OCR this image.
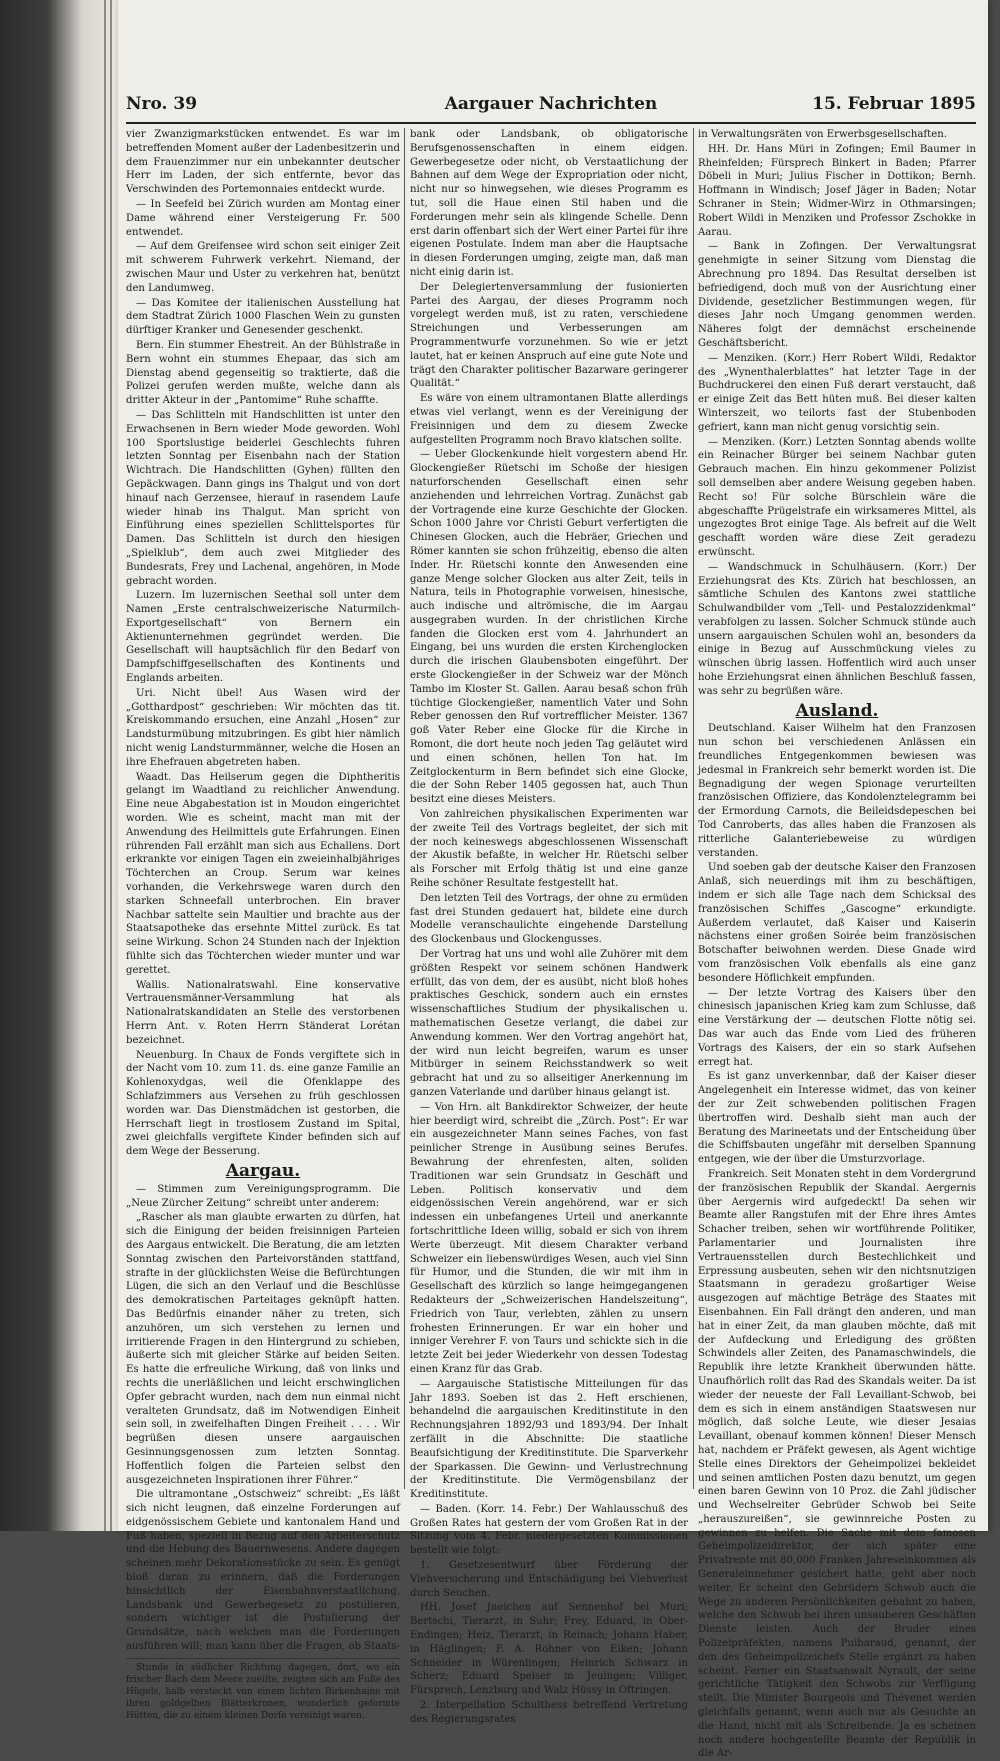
Nro. 39	Aargauer Nachrichten	15. Februar 1895

vier Zwanzigmarkstücken entwendet. Es war im betreffenden Moment außer der Ladenbesitzerin und dem Frauenzimmer nur ein unbekannter deutscher Herr im Laden, der sich entfernte, bevor das Verschwinden des Portemonnaies entdeckt wurde.

— In Seefeld bei Zürich wurden am Montag einer Dame während einer Versteigerung Fr. 500 entwendet.

— Auf dem Greifensee wird schon seit einiger Zeit mit schwerem Fuhrwerk verkehrt. Niemand, der zwischen Maur und Uster zu verkehren hat, benützt den Landumweg.

— Das Komitee der italienischen Ausstellung hat dem Stadtrat Zürich 1000 Flaschen Wein zu gunsten dürftiger Kranker und Genesender geschenkt.

Bern. Ein stummer Ehestreit. An der Bühlstraße in Bern wohnt ein stummes Ehepaar, das sich am Dienstag abend gegenseitig so traktierte, daß die Polizei gerufen werden mußte, welche dann als dritter Akteur in der „Pantomime“ Ruhe schaffte.

— Das Schlitteln mit Handschlitten ist unter den Erwachsenen in Bern wieder Mode geworden. Wohl 100 Sportslustige beiderlei Geschlechts fuhren letzten Sonntag per Eisenbahn nach der Station Wichtrach. Die Handschlitten (Gyhen) füllten den Gepäckwagen. Dann gings ins Thalgut und von dort hinauf nach Gerzensee, hierauf in rasendem Laufe wieder hinab ins Thalgut. Man spricht von Einführung eines speziellen Schlittelsportes für Damen. Das Schlitteln ist durch den hiesigen „Spielklub“, dem auch zwei Mitglieder des Bundesrats, Frey und Lachenal, angehören, in Mode gebracht worden.

Luzern. Im luzernischen Seethal soll unter dem Namen „Erste centralschweizerische Naturmilch-Exportgesellschaft“ von Bernern ein Aktienunternehmen gegründet werden. Die Gesellschaft will hauptsächlich für den Bedarf von Dampfschiffgesellschaften des Kontinents und Englands arbeiten.

Uri. Nicht übel! Aus Wasen wird der „Gotthardpost“ geschrieben: Wir möchten das tit. Kreiskommando ersuchen, eine Anzahl „Hosen“ zur Landsturmübung mitzubringen. Es gibt hier nämlich nicht wenig Landsturmmänner, welche die Hosen an ihre Ehefrauen abgetreten haben.

Waadt. Das Heilserum gegen die Diphtheritis gelangt im Waadtland zu reichlicher Anwendung. Eine neue Abgabestation ist in Moudon eingerichtet worden. Wie es scheint, macht man mit der Anwendung des Heilmittels gute Erfahrungen. Einen rührenden Fall erzählt man sich aus Echallens. Dort erkrankte vor einigen Tagen ein zweieinhalbjähriges Töchterchen an Croup. Serum war keines vorhanden, die Verkehrswege waren durch den starken Schneefall unterbrochen. Ein braver Nachbar sattelte sein Maultier und brachte aus der Staatsapotheke das ersehnte Mittel zurück. Es tat seine Wirkung. Schon 24 Stunden nach der Injektion fühlte sich das Töchterchen wieder munter und war gerettet.

Wallis. Nationalratswahl. Eine konservative Vertrauensmänner-Versammlung hat als Nationalratskandidaten an Stelle des verstorbenen Herrn Ant. v. Roten Herrn Ständerat Lorétan bezeichnet.

Neuenburg. In Chaux de Fonds vergiftete sich in der Nacht vom 10. zum 11. ds. eine ganze Familie an Kohlenoxydgas, weil die Ofenklappe des Schlafzimmers aus Versehen zu früh geschlossen worden war. Das Dienstmädchen ist gestorben, die Herrschaft liegt in trostlosem Zustand im Spital, zwei gleichfalls vergiftete Kinder befinden sich auf dem Wege der Besserung.

Aargau.

— Stimmen zum Vereinigungsprogramm. Die „Neue Zürcher Zeitung“ schreibt unter anderem:

„Rascher als man glaubte erwarten zu dürfen, hat sich die Einigung der beiden freisinnigen Parteien des Aargaus entwickelt. Die Beratung, die am letzten Sonntag zwischen den Parteivorständen stattfand, strafte in der glücklichsten Weise die Befürchtungen Lügen, die sich an den Verlauf und die Beschlüsse des demokratischen Parteitages geknüpft hatten. Das Bedürfnis einander näher zu treten, sich anzuhören, um sich verstehen zu lernen und irritierende Fragen in den Hintergrund zu schieben, äußerte sich mit gleicher Stärke auf beiden Seiten. Es hatte die erfreuliche Wirkung, daß von links und rechts die unerläßlichen und leicht erschwinglichen Opfer gebracht wurden, nach dem nun einmal nicht veralteten Grundsatz, daß im Notwendigen Einheit sein soll, in zweifelhaften Dingen Freiheit . . . . Wir begrüßen diesen unsere aargauischen Gesinnungsgenossen zum letzten Sonntag. Hoffentlich folgen die Parteien selbst den ausgezeichneten Inspirationen ihrer Führer.“

Die ultramontane „Ostschweiz“ schreibt: „Es läßt sich nicht leugnen, daß einzelne Forderungen auf eidgenössischem Gebiete und kantonalem Hand und Fuß haben, speziell in Bezug auf den Arbeiterschutz und die Hebung des Bauernwesens. Andere dagegen scheinen mehr Dekorationsstücke zu sein. Es genügt bloß daran zu erinnern, daß die Forderungen hinsichtlich der Eisenbahnverstaatlichung, Landsbank und Gewerbegesetz zu postulieren, sondern wichtiger ist die Postulierung der Grundsätze, nach welchen man die Forderungen ausführen will; man kann über die Fragen, ob Staats-

Stunde in südlicher Richtung dagegen, dort, wo ein frischer Bach dem Meere zueilte, zeigten sich am Fuße des Hügels, halb versteckt von einem lichten Birkenhaine mit ihren goldgelben Blätterkronen, wunderlich geformte Hütten, die zu einem kleinen Dorfe vereinigt waren.

bank oder Landsbank, ob obligatorische Berufsgenossenschaften in einem eidgen. Gewerbegesetze oder nicht, ob Verstaatlichung der Bahnen auf dem Wege der Expropriation oder nicht, nicht nur so hinwegsehen, wie dieses Programm es tut, soll die Haue einen Stil haben und die Forderungen mehr sein als klingende Schelle. Denn erst darin offenbart sich der Wert einer Partei für ihre eigenen Postulate. Indem man aber die Hauptsache in diesen Forderungen umging, zeigte man, daß man nicht einig darin ist.

Der Delegiertenversammlung der fusionierten Partei des Aargau, der dieses Programm noch vorgelegt werden muß, ist zu raten, verschiedene Streichungen und Verbesserungen am Programmentwurfe vorzunehmen. So wie er jetzt lautet, hat er keinen Anspruch auf eine gute Note und trägt den Charakter politischer Bazarware geringerer Qualität.“

Es wäre von einem ultramontanen Blatte allerdings etwas viel verlangt, wenn es der Vereinigung der Freisinnigen und dem zu diesem Zwecke aufgestellten Programm noch Bravo klatschen sollte.

— Ueber Glockenkunde hielt vorgestern abend Hr. Glockengießer Rüetschi im Schoße der hiesigen naturforschenden Gesellschaft einen sehr anziehenden und lehrreichen Vortrag. Zunächst gab der Vortragende eine kurze Geschichte der Glocken. Schon 1000 Jahre vor Christi Geburt verfertigten die Chinesen Glocken, auch die Hebräer, Griechen und Römer kannten sie schon frühzeitig, ebenso die alten Inder. Hr. Rüetschi konnte den Anwesenden eine ganze Menge solcher Glocken aus alter Zeit, teils in Natura, teils in Photographie vorweisen, hinesische, auch indische und altrömische, die im Aargau ausgegraben wurden. In der christlichen Kirche fanden die Glocken erst vom 4. Jahrhundert an Eingang, bei uns wurden die ersten Kirchenglocken durch die irischen Glaubensboten eingeführt. Der erste Glockengießer in der Schweiz war der Mönch Tambo im Kloster St. Gallen. Aarau besaß schon früh tüchtige Glockengießer, namentlich Vater und Sohn Reber genossen den Ruf vortrefflicher Meister. 1367 goß Vater Reber eine Glocke für die Kirche in Romont, die dort heute noch jeden Tag geläutet wird und einen schönen, hellen Ton hat. Im Zeitglockenturm in Bern befindet sich eine Glocke, die der Sohn Reber 1405 gegossen hat, auch Thun besitzt eine dieses Meisters.

Von zahlreichen physikalischen Experimenten war der zweite Teil des Vortrags begleitet, der sich mit der noch keineswegs abgeschlossenen Wissenschaft der Akustik befaßte, in welcher Hr. Rüetschi selber als Forscher mit Erfolg thätig ist und eine ganze Reihe schöner Resultate festgestellt hat.

Den letzten Teil des Vortrags, der ohne zu ermüden fast drei Stunden gedauert hat, bildete eine durch Modelle veranschaulichte eingehende Darstellung des Glockenbaus und Glockengusses.

Der Vortrag hat uns und wohl alle Zuhörer mit dem größten Respekt vor seinem schönen Handwerk erfüllt, das von dem, der es ausübt, nicht bloß hohes praktisches Geschick, sondern auch ein ernstes wissenschaftliches Studium der physikalischen u. mathematischen Gesetze verlangt, die dabei zur Anwendung kommen. Wer den Vortrag angehört hat, der wird nun leicht begreifen, warum es unser Mitbürger in seinem Reichsstandwerk so weit gebracht hat und zu so allseitiger Anerkennung im ganzen Vaterlande und darüber hinaus gelangt ist.

— Von Hrn. alt Bankdirektor Schweizer, der heute hier beerdigt wird, schreibt die „Zürch. Post“: Er war ein ausgezeichneter Mann seines Faches, von fast peinlicher Strenge in Ausübung seines Berufes. Bewahrung der ehrenfesten, alten, soliden Traditionen war sein Grundsatz in Geschäft und Leben. Politisch konservativ und dem eidgenössischen Verein angehörend, war er sich indessen ein unbefangenes Urteil und anerkannte fortschrittliche Ideen willig, sobald er sich von ihrem Werte überzeugt. Mit diesem Charakter verband Schweizer ein liebenswürdiges Wesen, auch viel Sinn für Humor, und die Stunden, die wir mit ihm in Gesellschaft des kürzlich so lange heimgegangenen Redakteurs der „Schweizerischen Handelszeitung“, Friedrich von Taur, verlebten, zählen zu unsern frohesten Erinnerungen. Er war ein hoher und inniger Verehrer F. von Taurs und schickte sich in die letzte Zeit bei jeder Wiederkehr von dessen Todestag einen Kranz für das Grab.

— Aargauische Statistische Mitteilungen für das Jahr 1893. Soeben ist das 2. Heft erschienen, behandelnd die aargauischen Kreditinstitute in den Rechnungsjahren 1892/93 und 1893/94. Der Inhalt zerfällt in die Abschnitte: Die staatliche Beaufsichtigung der Kreditinstitute. Die Sparverkehr der Sparkassen. Die Gewinn- und Verlustrechnung der Kreditinstitute. Die Vermögensbilanz der Kreditinstitute.

— Baden. (Korr. 14. Febr.) Der Wahlausschuß des Großen Rates hat gestern der vom Großen Rat in der Sitzung vom 4. Febr. niedergesetzten Kommissionen bestellt wie folgt:

1. Gesetzesentwurf über Förderung der Viehversicherung und Entschädigung bei Viehverlust durch Seuchen.

HH. Josef Jneichen auf Sennenhof bei Muri; Bertschi, Tierarzt, in Suhr; Frey, Eduard, in Ober-Endingen; Heiz, Tierarzt, in Reinach; Johann Haber, in Häglingen; F. A. Rohner von Eiken; Johann Schneider in Würenlingen; Heinrich Schwarz in Scherz; Eduard Speiser in Jeuingen; Villiger, Fürsprech, Lenzburg und Walz Hüssy in Oftringen.

2. Interpellation Schulthess betreffend Vertretung des Regierungsrates

in Verwaltungsräten von Erwerbsgesellschaften.

HH. Dr. Hans Müri in Zofingen; Emil Baumer in Rheinfelden; Fürsprech Binkert in Baden; Pfarrer Döbeli in Muri; Julius Fischer in Dottikon; Bernh. Hoffmann in Windisch; Josef Jäger in Baden; Notar Schraner in Stein; Widmer-Wirz in Othmarsingen; Robert Wildi in Menziken und Professor Zschokke in Aarau.

— Bank in Zofingen. Der Verwaltungsrat genehmigte in seiner Sitzung vom Dienstag die Abrechnung pro 1894. Das Resultat derselben ist befriedigend, doch muß von der Ausrichtung einer Dividende, gesetzlicher Bestimmungen wegen, für dieses Jahr noch Umgang genommen werden. Näheres folgt der demnächst erscheinende Geschäftsbericht.

— Menziken. (Korr.) Herr Robert Wildi, Redaktor des „Wynenthalerblattes“ hat letzter Tage in der Buchdruckerei den einen Fuß derart verstaucht, daß er einige Zeit das Bett hüten muß. Bei dieser kalten Winterszeit, wo teilorts fast der Stubenboden gefriert, kann man nicht genug vorsichtig sein.

— Menziken. (Korr.) Letzten Sonntag abends wollte ein Reinacher Bürger bei seinem Nachbar guten Gebrauch machen. Ein hinzu gekommener Polizist soll demselben aber andere Weisung gegeben haben. Recht so! Für solche Bürschlein wäre die abgeschaffte Prügelstrafe ein wirksameres Mittel, als ungezogtes Brot einige Tage. Als befreit auf die Welt geschafft worden wäre diese Zeit geradezu erwünscht.

— Wandschmuck in Schulhäusern. (Korr.) Der Erziehungsrat des Kts. Zürich hat beschlossen, an sämtliche Schulen des Kantons zwei stattliche Schulwandbilder vom „Tell- und Pestalozzidenkmal“ verabfolgen zu lassen. Solcher Schmuck stünde auch unsern aargauischen Schulen wohl an, besonders da einige in Bezug auf Ausschmückung vieles zu wünschen übrig lassen. Hoffentlich wird auch unser hohe Erziehungsrat einen ähnlichen Beschluß fassen, was sehr zu begrüßen wäre.

Ausland.

Deutschland. Kaiser Wilhelm hat den Franzosen nun schon bei verschiedenen Anlässen ein freundliches Entgegenkommen bewiesen was jedesmal in Frankreich sehr bemerkt worden ist. Die Begnadigung der wegen Spionage verurteilten französischen Offiziere, das Kondolenztelegramm bei der Ermordung Carnots, die Beileidsdepeschen bei Tod Canroberts, das alles haben die Franzosen als ritterliche Galanteriebeweise zu würdigen verstanden.

Und soeben gab der deutsche Kaiser den Franzosen Anlaß, sich neuerdings mit ihm zu beschäftigen, indem er sich alle Tage nach dem Schicksal des französischen Schiffes „Gascogne“ erkundigte. Außerdem verlautet, daß Kaiser und Kaiserin nächstens einer großen Soirée beim französischen Botschafter beiwohnen werden. Diese Gnade wird vom französischen Volk ebenfalls als eine ganz besondere Höflichkeit empfunden.

— Der letzte Vortrag des Kaisers über den chinesisch japanischen Krieg kam zum Schlusse, daß eine Verstärkung der — deutschen Flotte nötig sei. Das war auch das Ende vom Lied des früheren Vortrags des Kaisers, der ein so stark Aufsehen erregt hat.

Es ist ganz unverkennbar, daß der Kaiser dieser Angelegenheit ein Interesse widmet, das von keiner der zur Zeit schwebenden politischen Fragen übertroffen wird. Deshalb sieht man auch der Beratung des Marineetats und der Entscheidung über die Schiffsbauten ungefähr mit derselben Spannung entgegen, wie der über die Umsturzvorlage.

Frankreich. Seit Monaten steht in dem Vordergrund der französischen Republik der Skandal. Aergernis über Aergernis wird aufgedeckt! Da sehen wir Beamte aller Rangstufen mit der Ehre ihres Amtes Schacher treiben, sehen wir wortführende Politiker, Parlamentarier und Journalisten ihre Vertrauensstellen durch Bestechlichkeit und Erpressung ausbeuten, sehen wir den nichtsnutzigen Staatsmann in geradezu großartiger Weise ausgezogen auf mächtige Beträge des Staates mit Eisenbahnen. Ein Fall drängt den anderen, und man hat in einer Zeit, da man glauben möchte, daß mit der Aufdeckung und Erledigung des größten Schwindels aller Zeiten, des Panamaschwindels, die Republik ihre letzte Krankheit überwunden hätte. Unaufhörlich rollt das Rad des Skandals weiter. Da ist wieder der neueste der Fall Levaillant-Schwob, bei dem es sich in einem anständigen Staatswesen nur möglich, daß solche Leute, wie dieser Jesaias Levaillant, obenauf kommen können! Dieser Mensch hat, nachdem er Präfekt gewesen, als Agent wichtige Stelle eines Direktors der Geheimpolizei bekleidet und seinen amtlichen Posten dazu benutzt, um gegen einen baren Gewinn von 10 Proz. die Zahl jüdischer und Wechselreiter Gebrüder Schwob bei Seite „herauszureißen“, sie gewinnreiche Posten zu gewinnen zu helfen. Die Sache mit dem famosen Geheimpolizeidirektor, der sich später eine Privatrente mit 80,000 Franken Jahreseinkommen als Generaleinnehmer gesichert hatte, geht aber noch weiter. Er scheint den Gebrüdern Schwob auch die Wege zu anderen Persönlichkeiten gebahnt zu haben, welche den Schwob bei ihren unsauberen Geschäften Dienste leisten. Auch der Bruder eines Polizeipräfekten, namens Puibaraud, genannt, der den des Geheimpolizeichefs Stelle ergänzt zu haben scheint. Ferner ein Staatsanwalt Nyrault, der seine gerichtliche Tätigkeit den Schwobs zur Verfügung stellt. Die Minister Bourgeois und Thévenet werden gleichfalls genannt, wenn auch nur als Gesuchte an die Hand, nicht mit als Schreibende. Ja es scheinen noch andere hochgestellte Beamte der Republik in die Ar-
